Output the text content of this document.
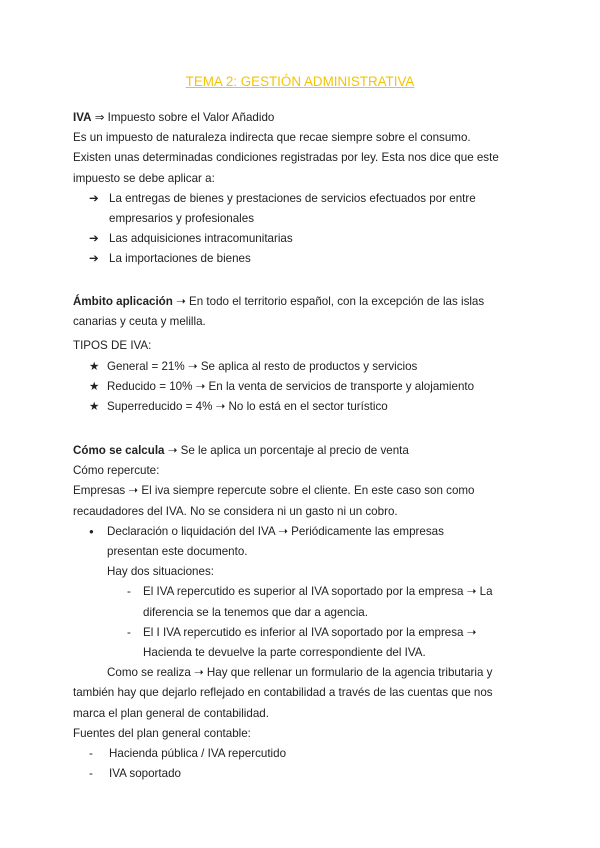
TEMA 2: GESTIÓN ADMINISTRATIVA
IVA ⇒ Impuesto sobre el Valor Añadido
Es un impuesto de naturaleza indirecta que recae siempre sobre el consumo.
Existen unas determinadas condiciones registradas por ley. Esta nos dice que este
impuesto se debe aplicar a:
➔ La entregas de bienes y prestaciones de servicios efectuados por entre
empresarios y profesionales
➔ Las adquisiciones intracomunitarias
➔ La importaciones de bienes
Ámbito aplicación ➝ En todo el territorio español, con la excepción de las islas
canarias y ceuta y melilla.
TIPOS DE IVA:
★ General = 21% ➝ Se aplica al resto de productos y servicios
★ Reducido = 10% ➝ En la venta de servicios de transporte y alojamiento
★ Superreducido = 4% ➝ No lo está en el sector turístico
Cómo se calcula ➝ Se le aplica un porcentaje al precio de venta
Cómo repercute:
Empresas ➝ El iva siempre repercute sobre el cliente. En este caso son como
recaudadores del IVA. No se considera ni un gasto ni un cobro.
● Declaración o liquidación del IVA ➝ Periódicamente las empresas
presentan este documento.
Hay dos situaciones:
- El IVA repercutido es superior al IVA soportado por la empresa ➝ La
diferencia se la tenemos que dar a agencia.
- El I IVA repercutido es inferior al IVA soportado por la empresa ➝
Hacienda te devuelve la parte correspondiente del IVA.
Como se realiza ➝ Hay que rellenar un formulario de la agencia tributaria y
también hay que dejarlo reflejado en contabilidad a través de las cuentas que nos
marca el plan general de contabilidad.
Fuentes del plan general contable:
- Hacienda pública / IVA repercutido
- IVA soportado
